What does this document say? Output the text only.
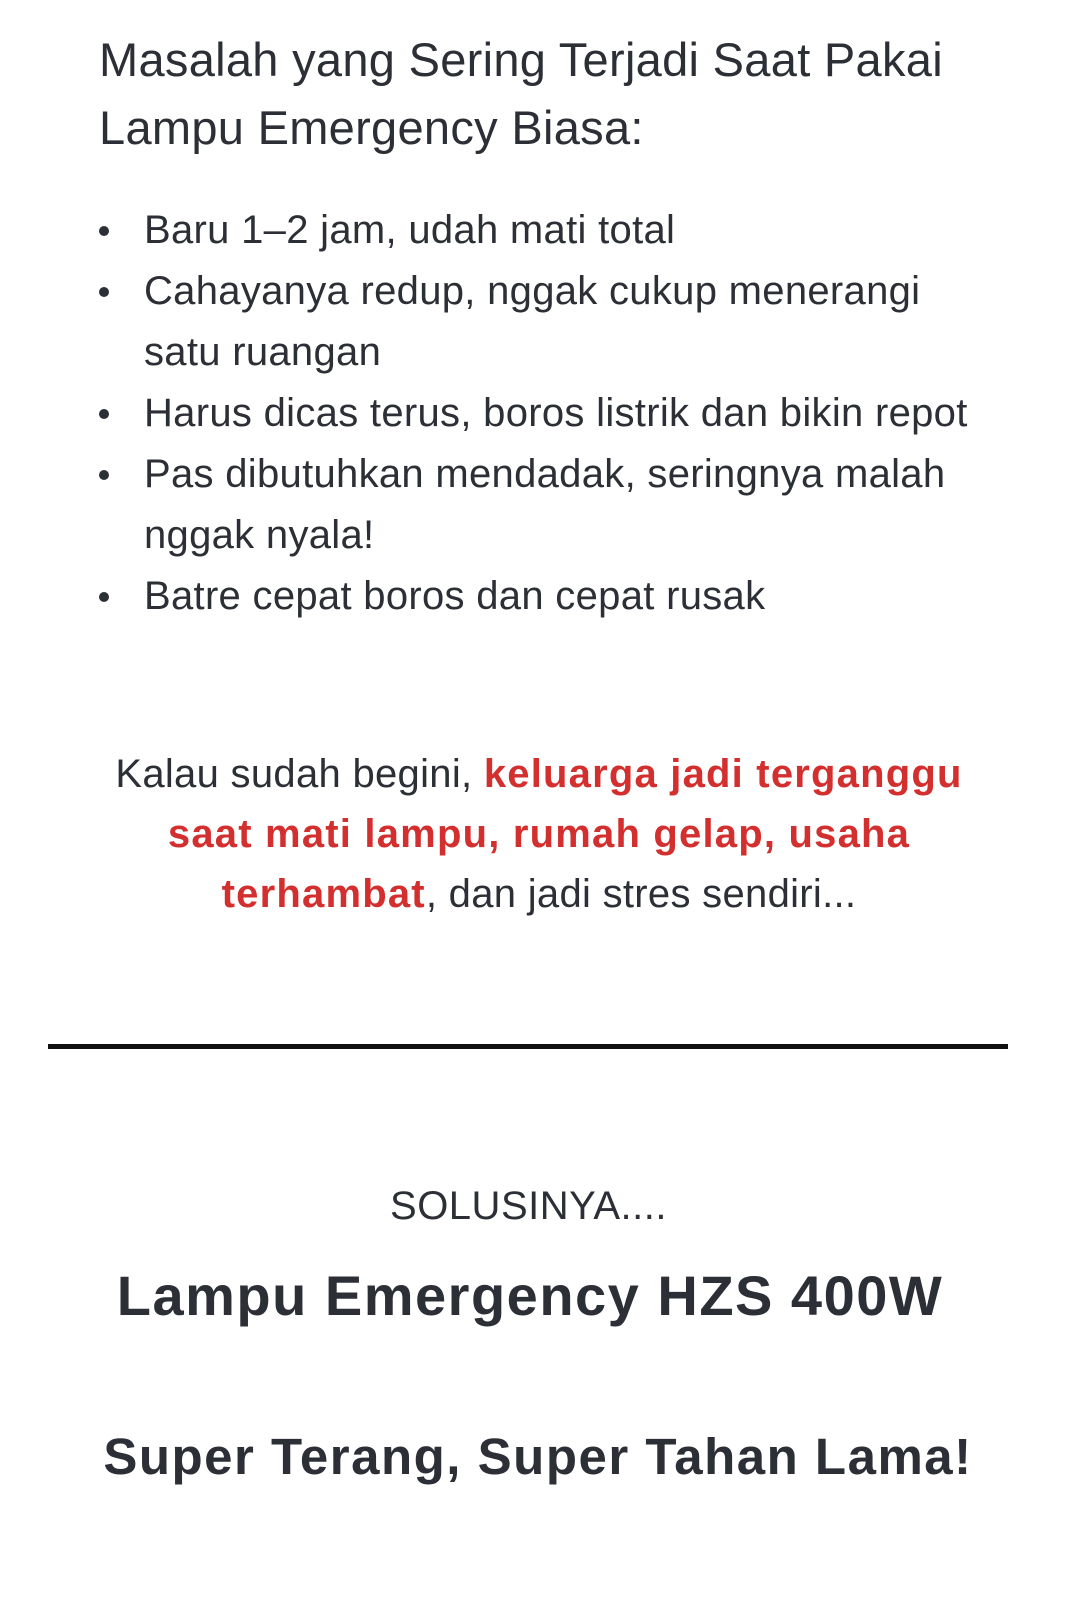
Masalah yang Sering Terjadi Saat Pakai Lampu Emergency Biasa:
Baru 1–2 jam, udah mati total
Cahayanya redup, nggak cukup menerangi satu ruangan
Harus dicas terus, boros listrik dan bikin repot
Pas dibutuhkan mendadak, seringnya malah nggak nyala!
Batre cepat boros dan cepat rusak

Kalau sudah begini, keluarga jadi terganggu saat mati lampu, rumah gelap, usaha terhambat, dan jadi stres sendiri...

SOLUSINYA....

Lampu Emergency HZS 400W
Super Terang, Super Tahan Lama!
